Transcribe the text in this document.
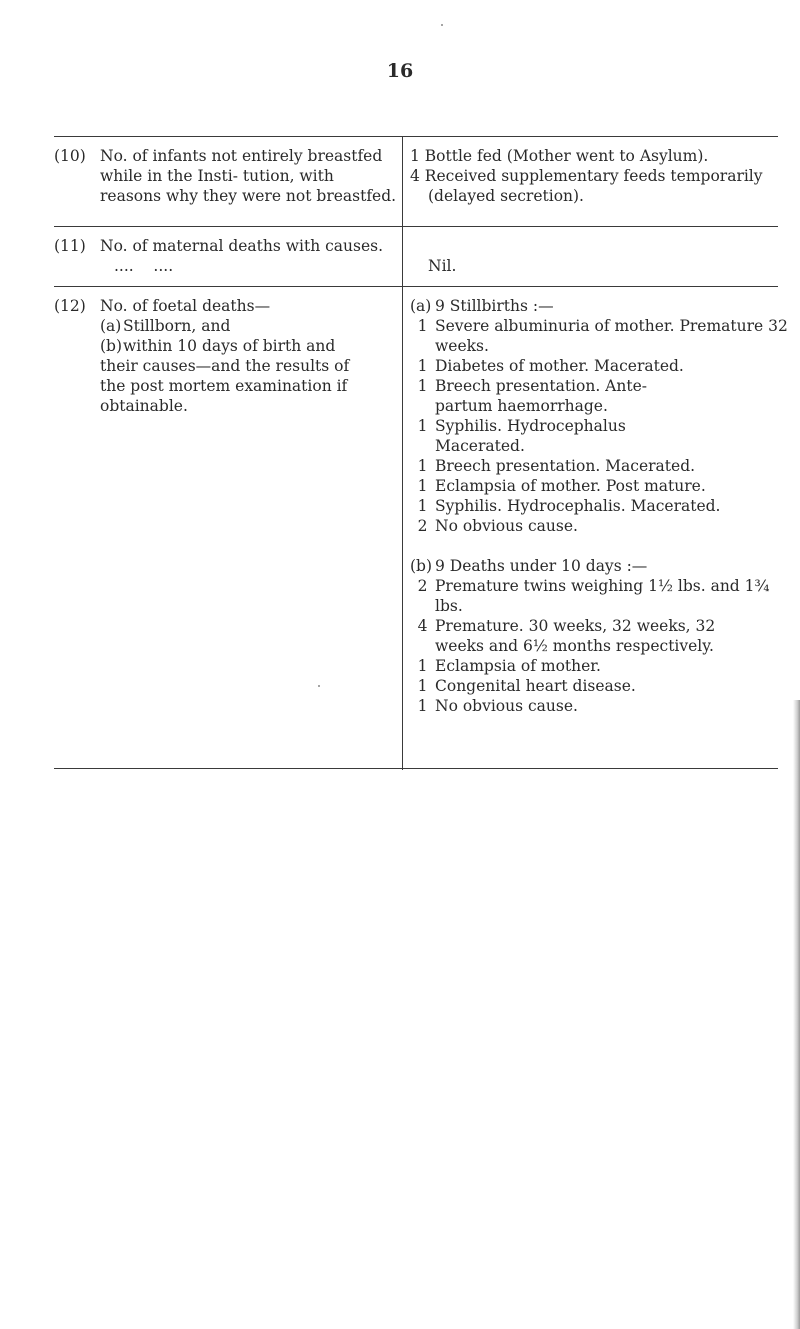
16
(10) No. of infants not entirely breastfed while in the Insti- tution, with reasons why they were not breastfed.
1 Bottle fed (Mother went to Asylum).
4 Received supplementary feeds temporarily (delayed secretion).
(11) No. of maternal deaths with causes. ....    ....	Nil.
(12) No. of foetal deaths—
(a) Stillborn, and
(b) within 10 days of birth and
their causes—and the results of the post mortem examination if obtainable.
(a) 9 Stillbirths :—
1 Severe albuminuria of mother. Premature 32 weeks.
1 Diabetes of mother. Macerated.
1 Breech presentation. Ante- partum haemorrhage.
1 Syphilis. Hydrocephalus Macerated.
1 Breech presentation. Macerated.
1 Eclampsia of mother. Post mature.
1 Syphilis. Hydrocephalis. Macerated.
2 No obvious cause.
(b) 9 Deaths under 10 days :—
2 Premature twins weighing 1½ lbs. and 1¾ lbs.
4 Premature. 30 weeks, 32 weeks, 32 weeks and 6½ months respectively.
1 Eclampsia of mother.
1 Congenital heart disease.
1 No obvious cause.
